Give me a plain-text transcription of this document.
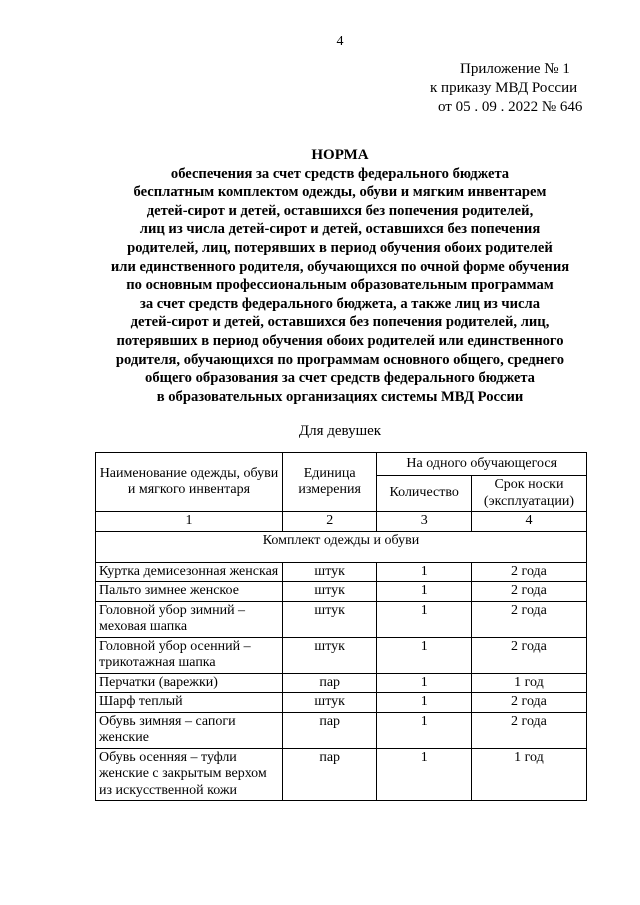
4
Приложение № 1
к приказу МВД России
от 05 . 09 . 2022 № 646
НОРМА
обеспечения за счет средств федерального бюджета
бесплатным комплектом одежды, обуви и мягким инвентарем
детей-сирот и детей, оставшихся без попечения родителей,
лиц из числа детей-сирот и детей, оставшихся без попечения
родителей, лиц, потерявших в период обучения обоих родителей
или единственного родителя, обучающихся по очной форме обучения
по основным профессиональным образовательным программам
за счет средств федерального бюджета, а также лиц из числа
детей-сирот и детей, оставшихся без попечения родителей, лиц,
потерявших в период обучения обоих родителей или единственного
родителя, обучающихся по программам основного общего, среднего
общего образования за счет средств федерального бюджета
в образовательных организациях системы МВД России
Для девушек
Наименование одежды, обуви и мягкого инвентаря	Единица измерения	На одного обучающегося	
		Количество	Срок носки (эксплуатации)
1	2	3	4
Комплект одежды и обуви			
Куртка демисезонная женская	штук	1	2 года
Пальто зимнее женское	штук	1	2 года
Головной убор зимний – меховая шапка	штук	1	2 года
Головной убор осенний – трикотажная шапка	штук	1	2 года
Перчатки (варежки)	пар	1	1 год
Шарф теплый	штук	1	2 года
Обувь зимняя – сапоги женские	пар	1	2 года
Обувь осенняя – туфли женские с закрытым верхом из искусственной кожи	пар	1	1 год
